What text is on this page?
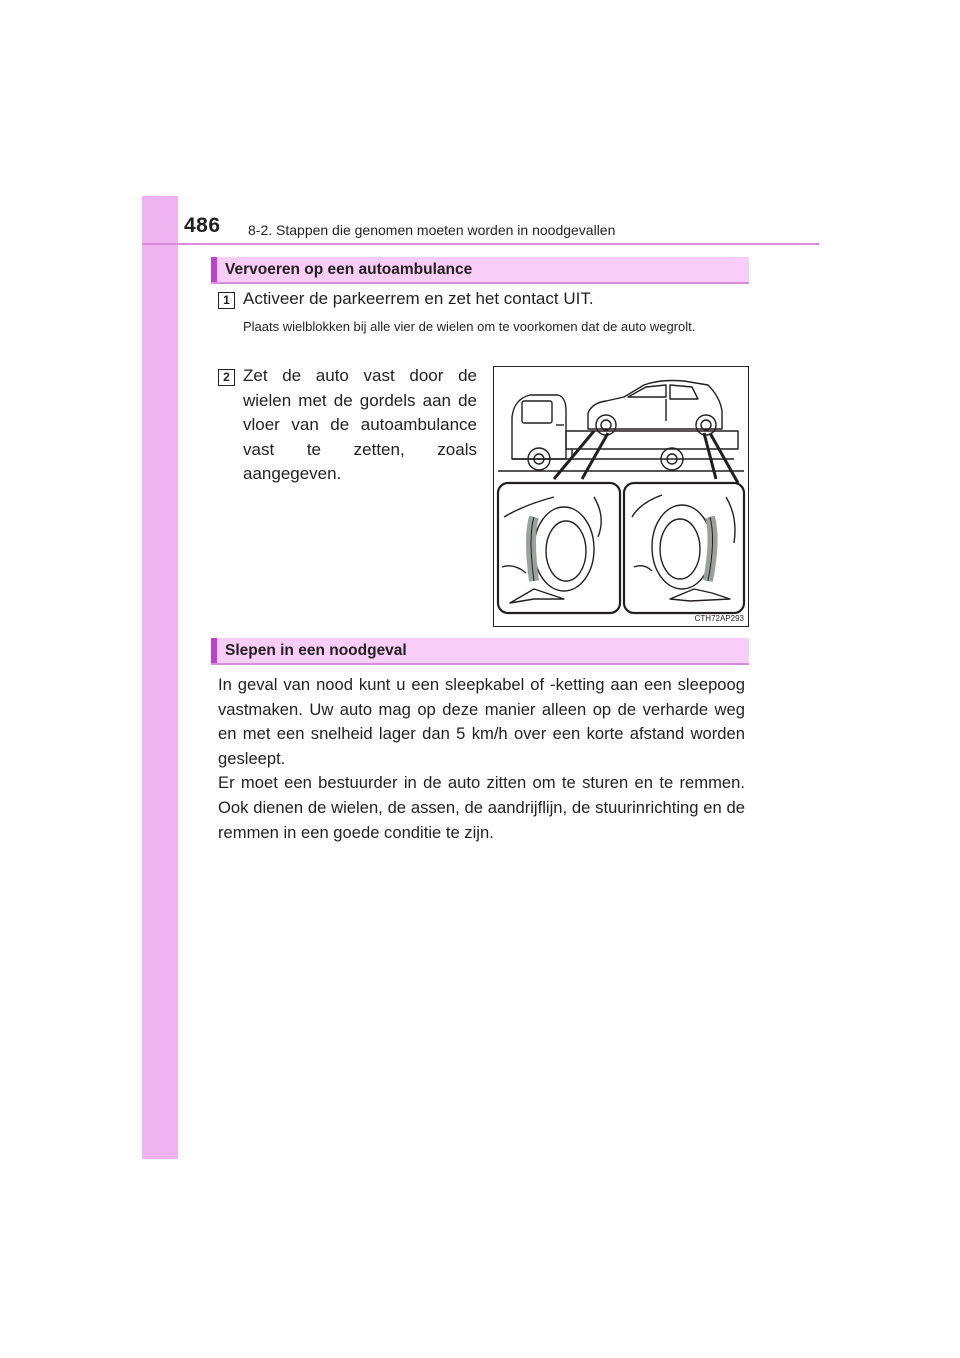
486 8-2. Stappen die genomen moeten worden in noodgevallen
Vervoeren op een autoambulance
1 Activeer de parkeerrem en zet het contact UIT.
Plaats wielblokken bij alle vier de wielen om te voorkomen dat de auto wegrolt.
2 Zet de auto vast door de wielen met de gordels aan de vloer van de autoambulance vast te zetten, zoals aangegeven.
CTH72AP293
Slepen in een noodgeval

In geval van nood kunt u een sleepkabel of -ketting aan een sleepoog vastmaken. Uw auto mag op deze manier alleen op de verharde weg en met een snelheid lager dan 5 km/h over een korte afstand worden gesleept.

Er moet een bestuurder in de auto zitten om te sturen en te remmen. Ook dienen de wielen, de assen, de aandrijflijn, de stuurinrichting en de remmen in een goede conditie te zijn.
